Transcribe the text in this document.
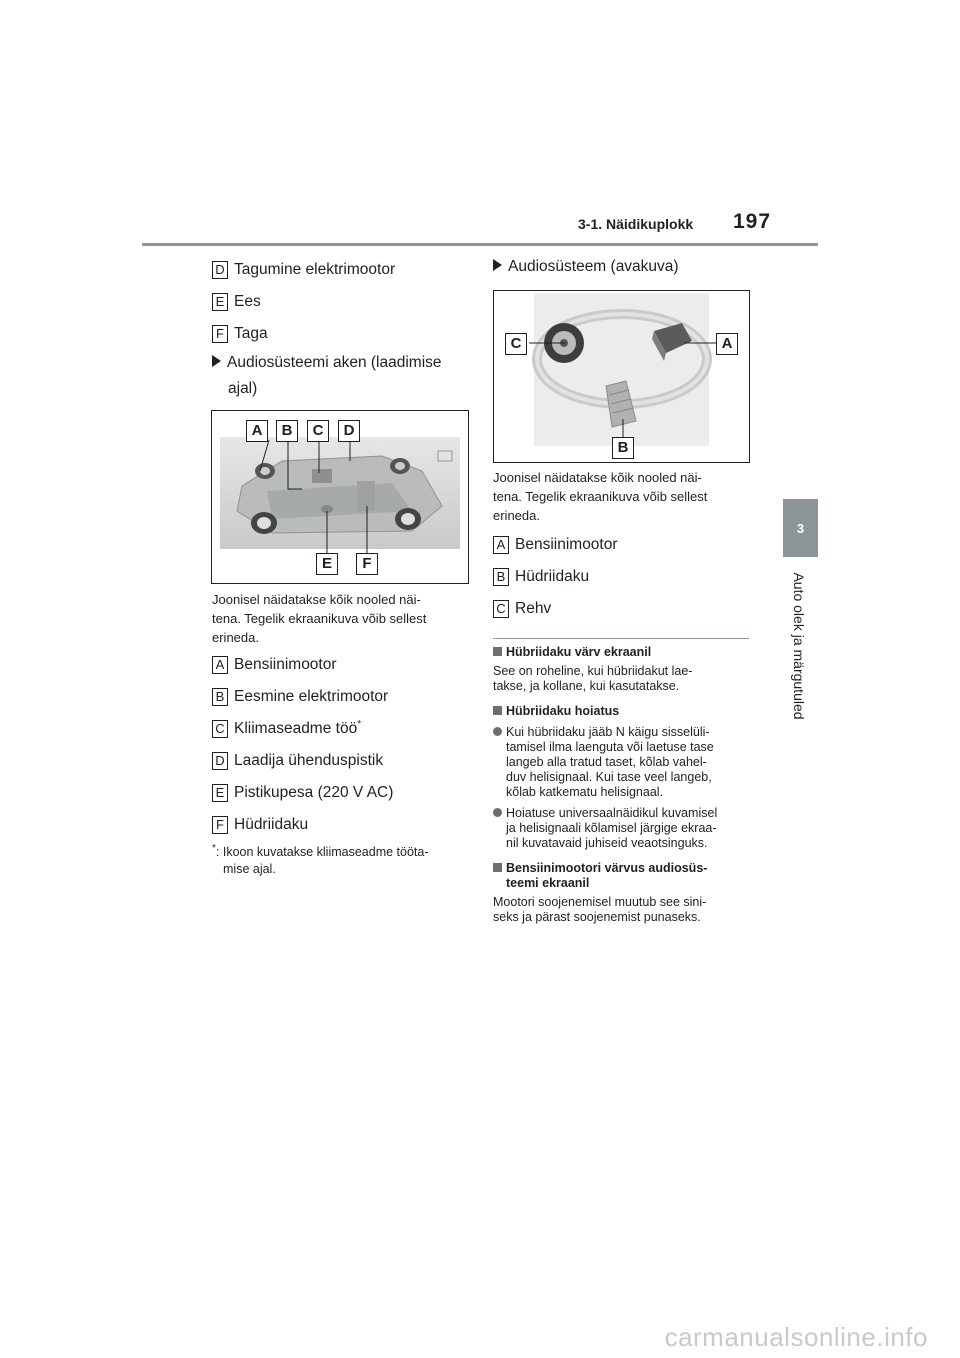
3-1. Näidikuplokk 197
3
Auto olek ja märgutuled
D Tagumine elektrimootor
E Ees
F Taga
Audiosüsteemi aken (laadimise
ajal)
A	B	C	D
E	F
Joonisel näidatakse kõik nooled näi-
tena. Tegelik ekraanikuva võib sellest
erineda.
A Bensiinimootor
B Eesmine elektrimootor
C Kliimaseadme töö*
D Laadija ühenduspistik
E Pistikupesa (220 V AC)
F Hüdriidaku
*: Ikoon kuvatakse kliimaseadme tööta-
mise ajal.
Audiosüsteem (avakuva)
C	A
B
Joonisel näidatakse kõik nooled näi-
tena. Tegelik ekraanikuva võib sellest
erineda.
A Bensiinimootor
B Hüdriidaku
C Rehv
Hübriidaku värv ekraanil
See on roheline, kui hübriidakut lae-
takse, ja kollane, kui kasutatakse.
Hübriidaku hoiatus
Kui hübriidaku jääb N käigu sisselüli-
tamisel ilma laenguta või laetuse tase
langeb alla tratud taset, kõlab vahel-
duv helisignaal. Kui tase veel langeb,
kõlab katkematu helisignaal.
Hoiatuse universaalnäidikul kuvamisel
ja helisignaali kõlamisel järgige ekraa-
nil kuvatavaid juhiseid veaotsinguks.
Bensiinimootori värvus audiosüs-
teemi ekraanil
Mootori soojenemisel muutub see sini-
seks ja pärast soojenemist punaseks.
carmanualsonline.info
